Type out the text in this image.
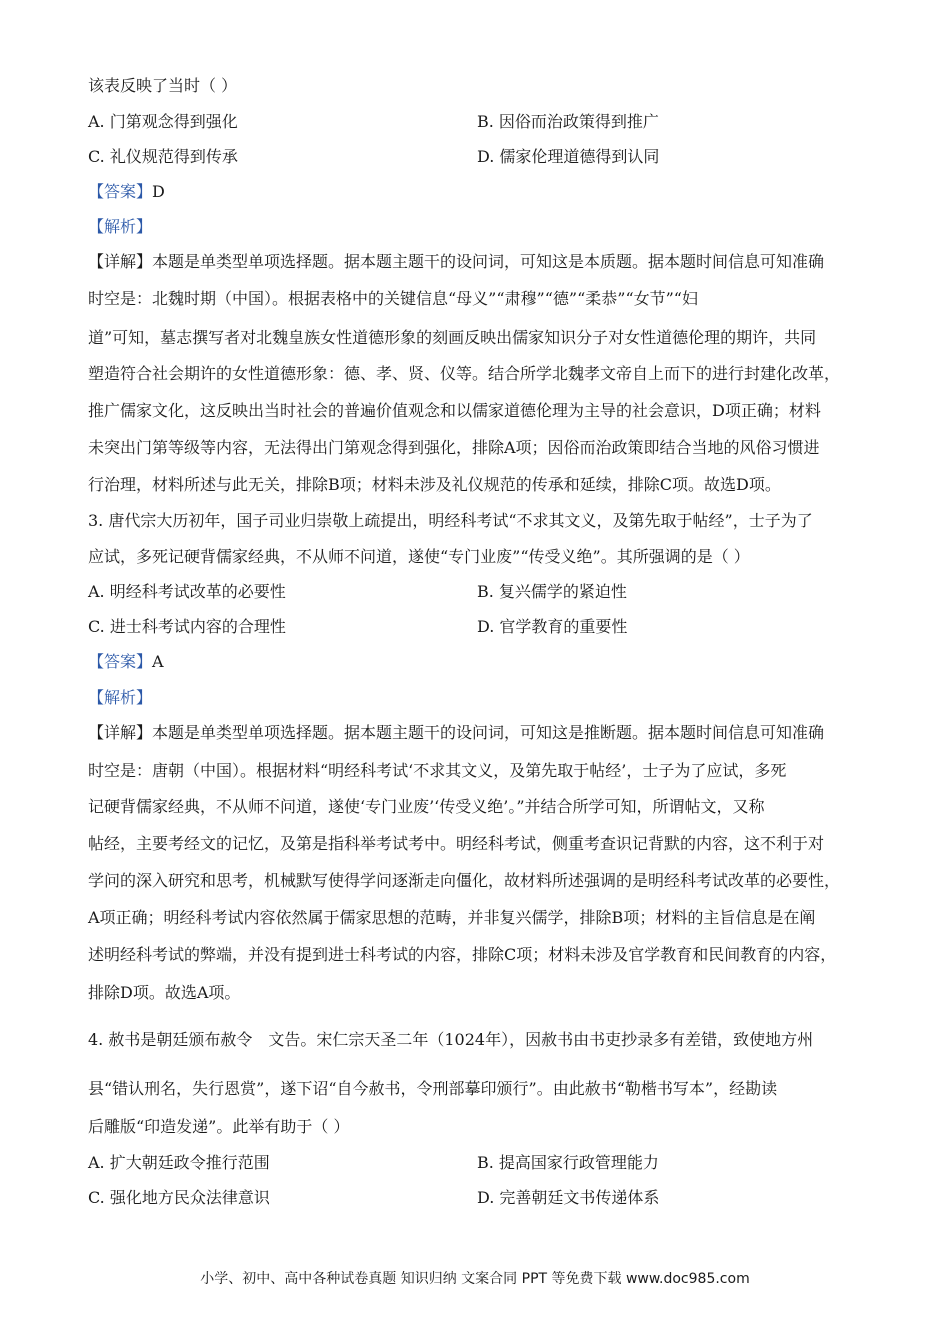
该表反映了当时（ ）
A. 门第观念得到强化	B. 因俗而治政策得到推广
C. 礼仪规范得到传承	D. 儒家伦理道德得到认同
【答案】D
【解析】
【详解】本题是单类型单项选择题。据本题主题干的设问词，可知这是本质题。据本题时间信息可知准确
时空是：北魏时期（中国）。根据表格中的关键信息“母义”“肃穆”“德”“柔恭”“女节”“妇
道”可知，墓志撰写者对北魏皇族女性道德形象的刻画反映出儒家知识分子对女性道德伦理的期许，共同
塑造符合社会期许的女性道德形象：德、孝、贤、仪等。结合所学北魏孝文帝自上而下的进行封建化改革，
推广儒家文化，这反映出当时社会的普遍价值观念和以儒家道德伦理为主导的社会意识，D项正确；材料
未突出门第等级等内容，无法得出门第观念得到强化，排除A项；因俗而治政策即结合当地的风俗习惯进
行治理，材料所述与此无关，排除B项；材料未涉及礼仪规范的传承和延续，排除C项。故选D项。
3. 唐代宗大历初年，国子司业归崇敬上疏提出，明经科考试“不求其文义，及第先取于帖经”，士子为了
应试，多死记硬背儒家经典，不从师不问道，遂使“专门业废”“传受义绝”。其所强调的是（ ）
A. 明经科考试改革的必要性	B. 复兴儒学的紧迫性
C. 进士科考试内容的合理性	D. 官学教育的重要性
【答案】A
【解析】
【详解】本题是单类型单项选择题。据本题主题干的设问词，可知这是推断题。据本题时间信息可知准确
时空是：唐朝（中国）。根据材料“明经科考试‘不求其文义，及第先取于帖经’，士子为了应试，多死
记硬背儒家经典，不从师不问道，遂使‘专门业废’‘传受义绝’。”并结合所学可知，所谓帖文，又称
帖经，主要考经文的记忆，及第是指科举考试考中。明经科考试，侧重考查识记背默的内容，这不利于对
学问的深入研究和思考，机械默写使得学问逐渐走向僵化，故材料所述强调的是明经科考试改革的必要性，
A项正确；明经科考试内容依然属于儒家思想的范畴，并非复兴儒学，排除B项；材料的主旨信息是在阐
述明经科考试的弊端，并没有提到进士科考试的内容，排除C项；材料未涉及官学教育和民间教育的内容，
排除D项。故选A项。
4. 赦书是朝廷颁布赦令　文告。宋仁宗天圣二年（1024年），因赦书由书吏抄录多有差错，致使地方州
县“错认刑名，失行恩赏”，遂下诏“自今赦书，令刑部摹印颁行”。由此赦书“勒楷书写本”，经勘读
后雕版“印造发递”。此举有助于（ ）
A. 扩大朝廷政令推行范围	B. 提高国家行政管理能力
C. 强化地方民众法律意识	D. 完善朝廷文书传递体系
小学、初中、高中各种试卷真题 知识归纳 文案合同 PPT 等免费下载 www.doc985.com
